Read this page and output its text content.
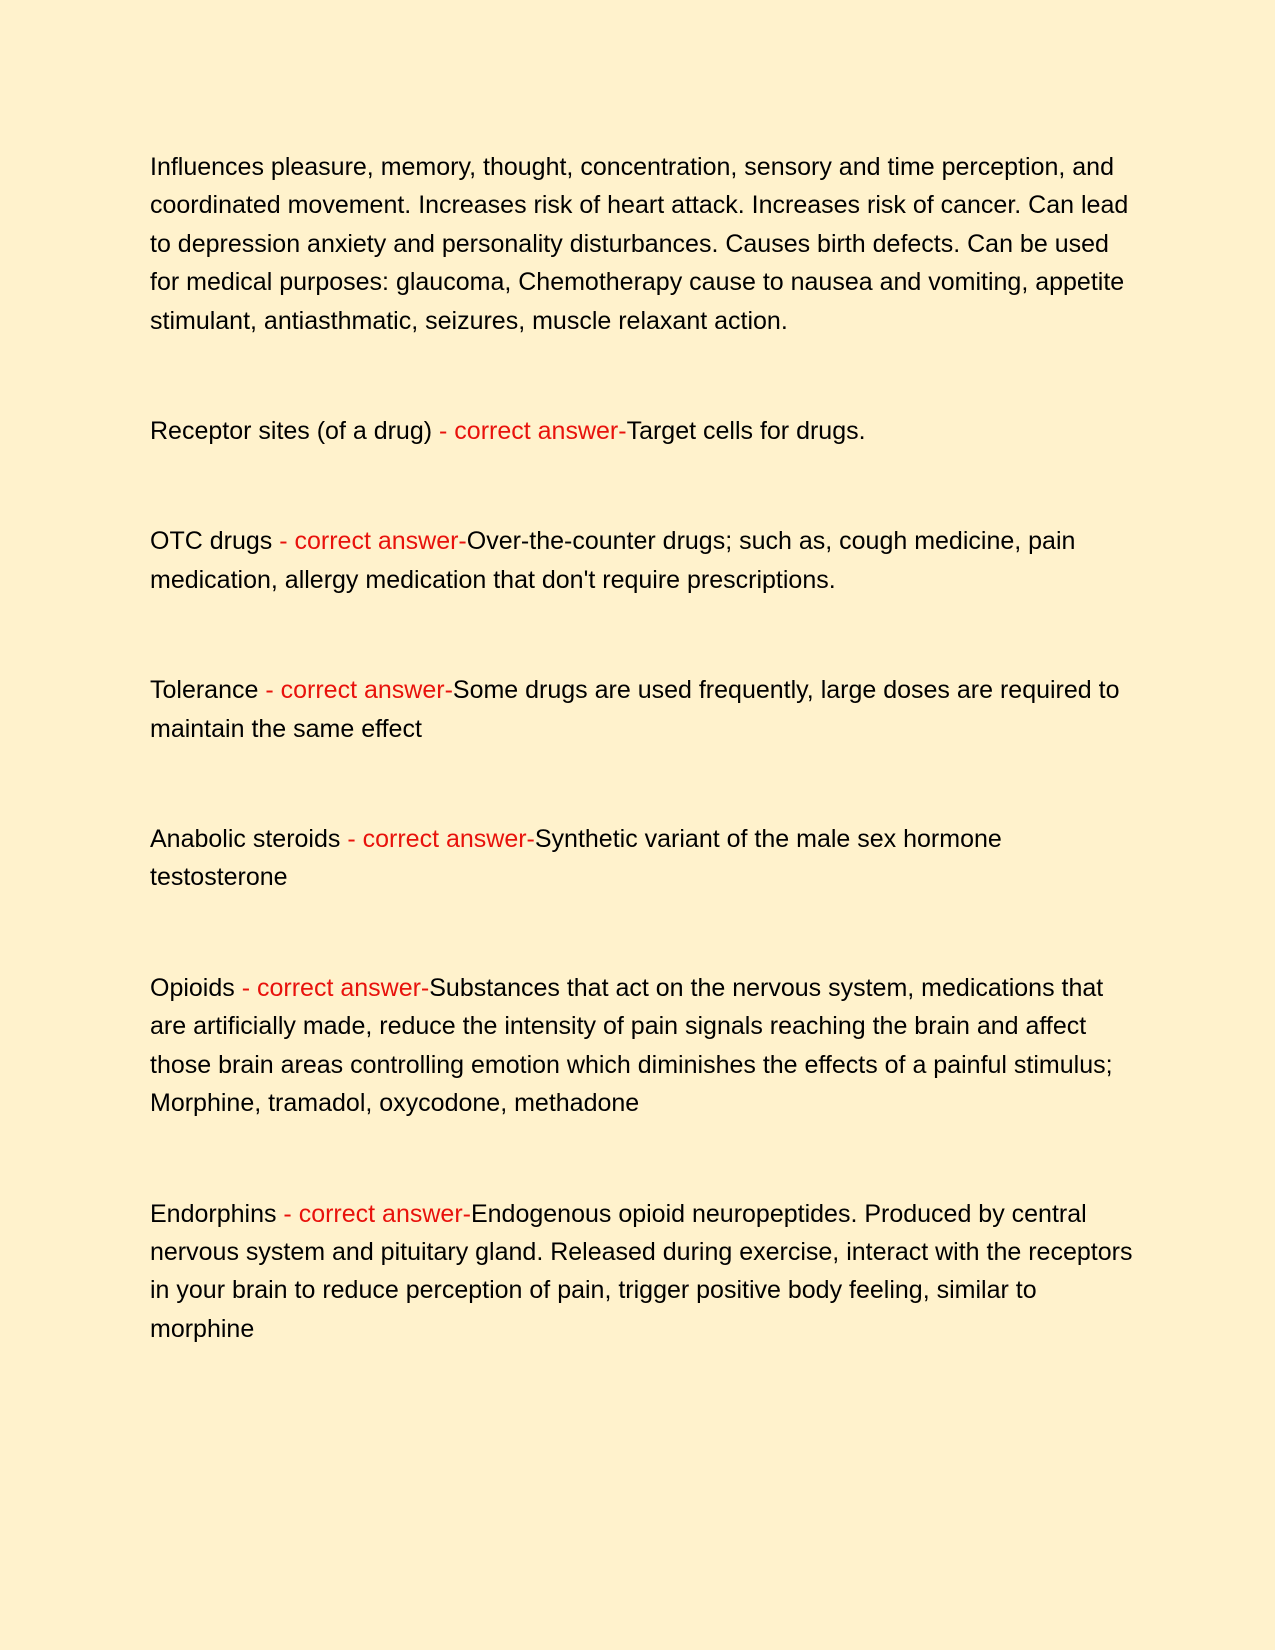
Influences pleasure, memory, thought, concentration, sensory and time perception, and coordinated movement. Increases risk of heart attack. Increases risk of cancer. Can lead to depression anxiety and personality disturbances. Causes birth defects. Can be used for medical purposes: glaucoma, Chemotherapy cause to nausea and vomiting, appetite stimulant, antiasthmatic, seizures, muscle relaxant action.

Receptor sites (of a drug) - correct answer-Target cells for drugs.

OTC drugs - correct answer-Over-the-counter drugs; such as, cough medicine, pain medication, allergy medication that don't require prescriptions.

Tolerance - correct answer-Some drugs are used frequently, large doses are required to maintain the same effect

Anabolic steroids - correct answer-Synthetic variant of the male sex hormone testosterone

Opioids - correct answer-Substances that act on the nervous system, medications that are artificially made, reduce the intensity of pain signals reaching the brain and affect those brain areas controlling emotion which diminishes the effects of a painful stimulus; Morphine, tramadol, oxycodone, methadone

Endorphins - correct answer-Endogenous opioid neuropeptides. Produced by central nervous system and pituitary gland. Released during exercise, interact with the receptors in your brain to reduce perception of pain, trigger positive body feeling, similar to morphine
